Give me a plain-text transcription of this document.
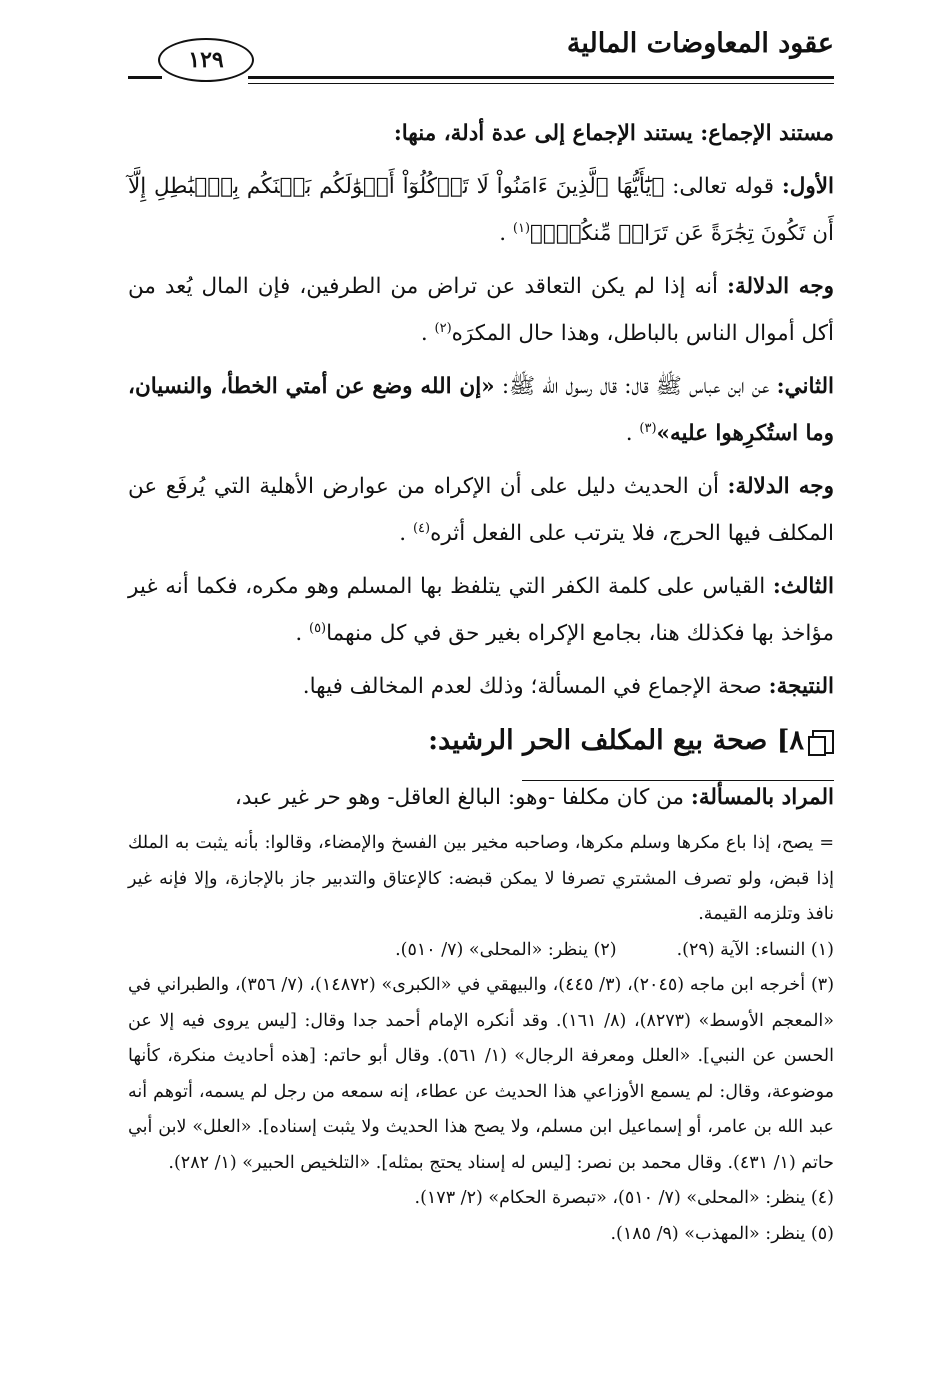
عقود المعاوضات المالية
١٢٩

مستند الإجماع: يستند الإجماع إلى عدة أدلة، منها:

الأول: قوله تعالى: ﴿يَٰٓأَيُّهَا ٱلَّذِينَ ءَامَنُواْ لَا تَأۡكُلُوٓاْ أَمۡوَٰلَكُم بَيۡنَكُم بِٱلۡبَٰطِلِ إِلَّآ أَن تَكُونَ تِجَٰرَةً عَن تَرَاضٖ مِّنكُمۡۚ﴾$^{(١)}$ .

وجه الدلالة: أنه إذا لم يكن التعاقد عن تراض من الطرفين، فإن المال يُعد من أكل أموال الناس بالباطل، وهذا حال المكرَه$^{(٢)}$ .

الثاني: عن ابن عباس ﷺ قال: قال رسول الله ﷺ: «إن الله وضع عن أمتي الخطأ، والنسيان، وما استُكرِهوا عليه»$^{(٣)}$ .

وجه الدلالة: أن الحديث دليل على أن الإكراه من عوارض الأهلية التي يُرفَع عن المكلف فيها الحرج، فلا يترتب على الفعل أثره$^{(٤)}$ .

الثالث: القياس على كلمة الكفر التي يتلفظ بها المسلم وهو مكره، فكما أنه غير مؤاخذ بها فكذلك هنا، بجامع الإكراه بغير حق في كل منهما$^{(٥)}$ .

النتيجة: صحة الإجماع في المسألة؛ وذلك لعدم المخالف فيها.

٨] صحة بيع المكلف الحر الرشيد:

المراد بالمسألة: من كان مكلفا -وهو: البالغ العاقل- وهو حر غير عبد،

= يصح، إذا باع مكرها وسلم مكرها، وصاحبه مخير بين الفسخ والإمضاء، وقالوا: بأنه يثبت به الملك إذا قبض، ولو تصرف المشتري تصرفا لا يمكن قبضه: كالإعتاق والتدبير جاز بالإجازة، وإلا فإنه غير نافذ وتلزمه القيمة.

(١) النساء: الآية (٢٩).
(٢) ينظر: «المحلى» (٧/ ٥١٠).

(٣) أخرجه ابن ماجه (٢٠٤٥)، (٣/ ٤٤٥)، والبيهقي في «الكبرى» (١٤٨٧٢)، (٧/ ٣٥٦)، والطبراني في «المعجم الأوسط» (٨٢٧٣)، (٨/ ١٦١). وقد أنكره الإمام أحمد جدا وقال: [ليس يروى فيه إلا عن الحسن عن النبي]. «العلل ومعرفة الرجال» (١/ ٥٦١). وقال أبو حاتم: [هذه أحاديث منكرة، كأنها موضوعة، وقال: لم يسمع الأوزاعي هذا الحديث عن عطاء، إنه سمعه من رجل لم يسمه، أتوهم أنه عبد الله بن عامر، أو إسماعيل ابن مسلم، ولا يصح هذا الحديث ولا يثبت إسناده]. «العلل» لابن أبي حاتم (١/ ٤٣١). وقال محمد بن نصر: [ليس له إسناد يحتج بمثله]. «التلخيص الحبير» (١/ ٢٨٢).

(٤) ينظر: «المحلى» (٧/ ٥١٠)، «تبصرة الحكام» (٢/ ١٧٣).

(٥) ينظر: «المهذب» (٩/ ١٨٥).
